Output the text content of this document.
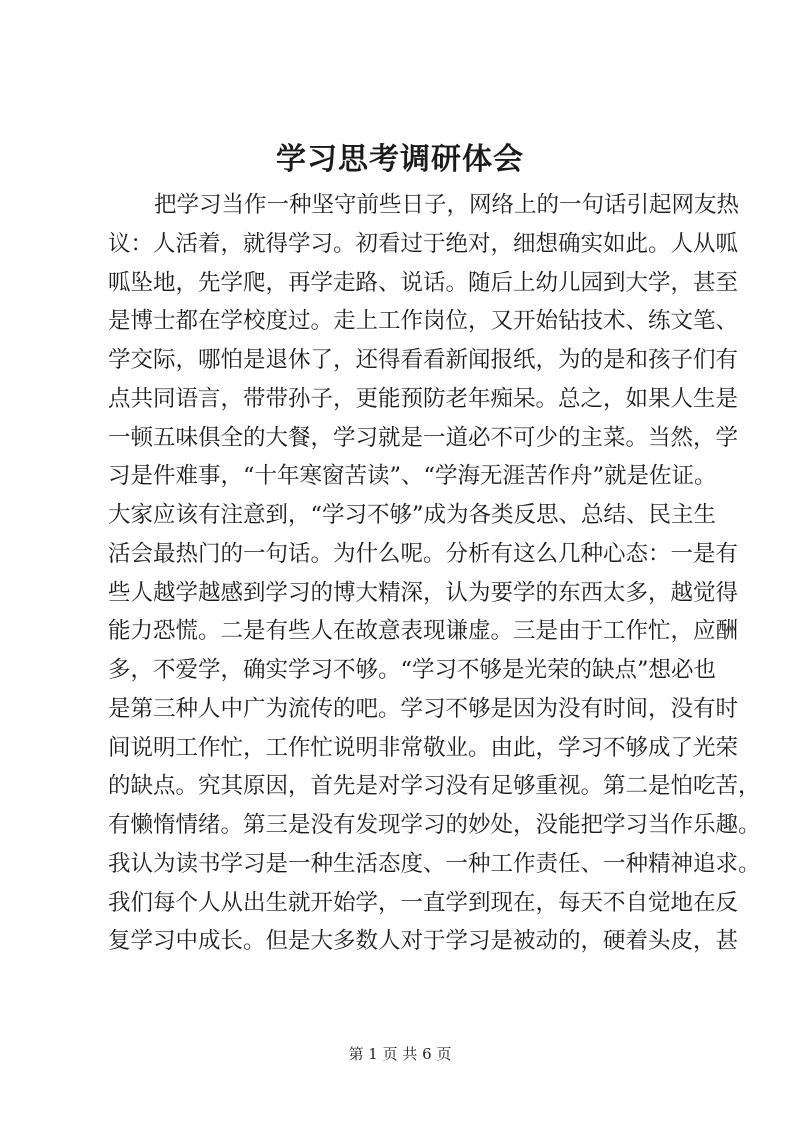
学习思考调研体会
把学习当作一种坚守前些日子，网络上的一句话引起网友热
议：人活着，就得学习。初看过于绝对，细想确实如此。人从呱
呱坠地，先学爬，再学走路、说话。随后上幼儿园到大学，甚至
是博士都在学校度过。走上工作岗位，又开始钻技术、练文笔、
学交际，哪怕是退休了，还得看看新闻报纸，为的是和孩子们有
点共同语言，带带孙子，更能预防老年痴呆。总之，如果人生是
一顿五味俱全的大餐，学习就是一道必不可少的主菜。当然，学
习是件难事，“十年寒窗苦读”、“学海无涯苦作舟”就是佐证。
大家应该有注意到，“学习不够”成为各类反思、总结、民主生
活会最热门的一句话。为什么呢。分析有这么几种心态：一是有
些人越学越感到学习的博大精深，认为要学的东西太多，越觉得
能力恐慌。二是有些人在故意表现谦虚。三是由于工作忙，应酬
多，不爱学，确实学习不够。“学习不够是光荣的缺点”想必也
是第三种人中广为流传的吧。学习不够是因为没有时间，没有时
间说明工作忙，工作忙说明非常敬业。由此，学习不够成了光荣
的缺点。究其原因，首先是对学习没有足够重视。第二是怕吃苦，
有懒惰情绪。第三是没有发现学习的妙处，没能把学习当作乐趣。
我认为读书学习是一种生活态度、一种工作责任、一种精神追求。
我们每个人从出生就开始学，一直学到现在，每天不自觉地在反
复学习中成长。但是大多数人对于学习是被动的，硬着头皮，甚
第 1 页 共 6 页
